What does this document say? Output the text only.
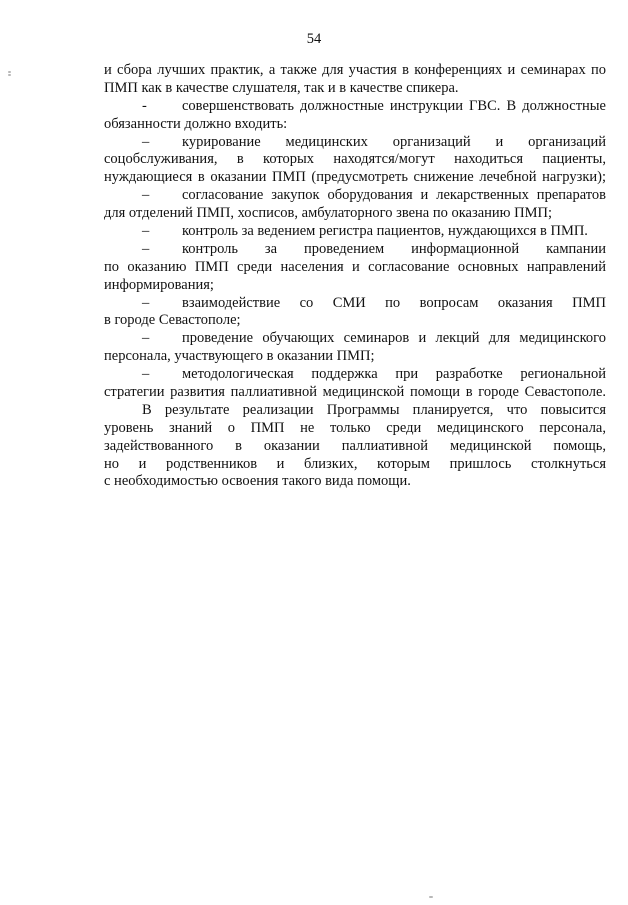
54
и сбора лучших практик, а также для участия в конференциях и семинарах по
ПМП как в качестве слушателя, так и в качестве спикера.
-	совершенствовать должностные инструкции ГВС. В должностные
обязанности должно входить:
–	курирование медицинских организаций и организаций
соцобслуживания, в которых находятся/могут находиться пациенты,
нуждающиеся в оказании ПМП (предусмотреть снижение лечебной нагрузки);
–	согласование закупок оборудования и лекарственных препаратов
для отделений ПМП, хосписов, амбулаторного звена по оказанию ПМП;
–	контроль за ведением регистра пациентов, нуждающихся в ПМП.
–	контроль за проведением информационной кампании
по оказанию ПМП среди населения и согласование основных направлений
информирования;
–	взаимодействие со СМИ по вопросам оказания ПМП
в городе Севастополе;
–	проведение обучающих семинаров и лекций для медицинского
персонала, участвующего в оказании ПМП;
–	методологическая поддержка при разработке региональной
стратегии развития паллиативной медицинской помощи в городе Севастополе.
В результате реализации Программы планируется, что повысится
уровень знаний о ПМП не только среди медицинского персонала,
задействованного в оказании паллиативной медицинской помощь,
но и родственников и близких, которым пришлось столкнуться
с необходимостью освоения такого вида помощи.
